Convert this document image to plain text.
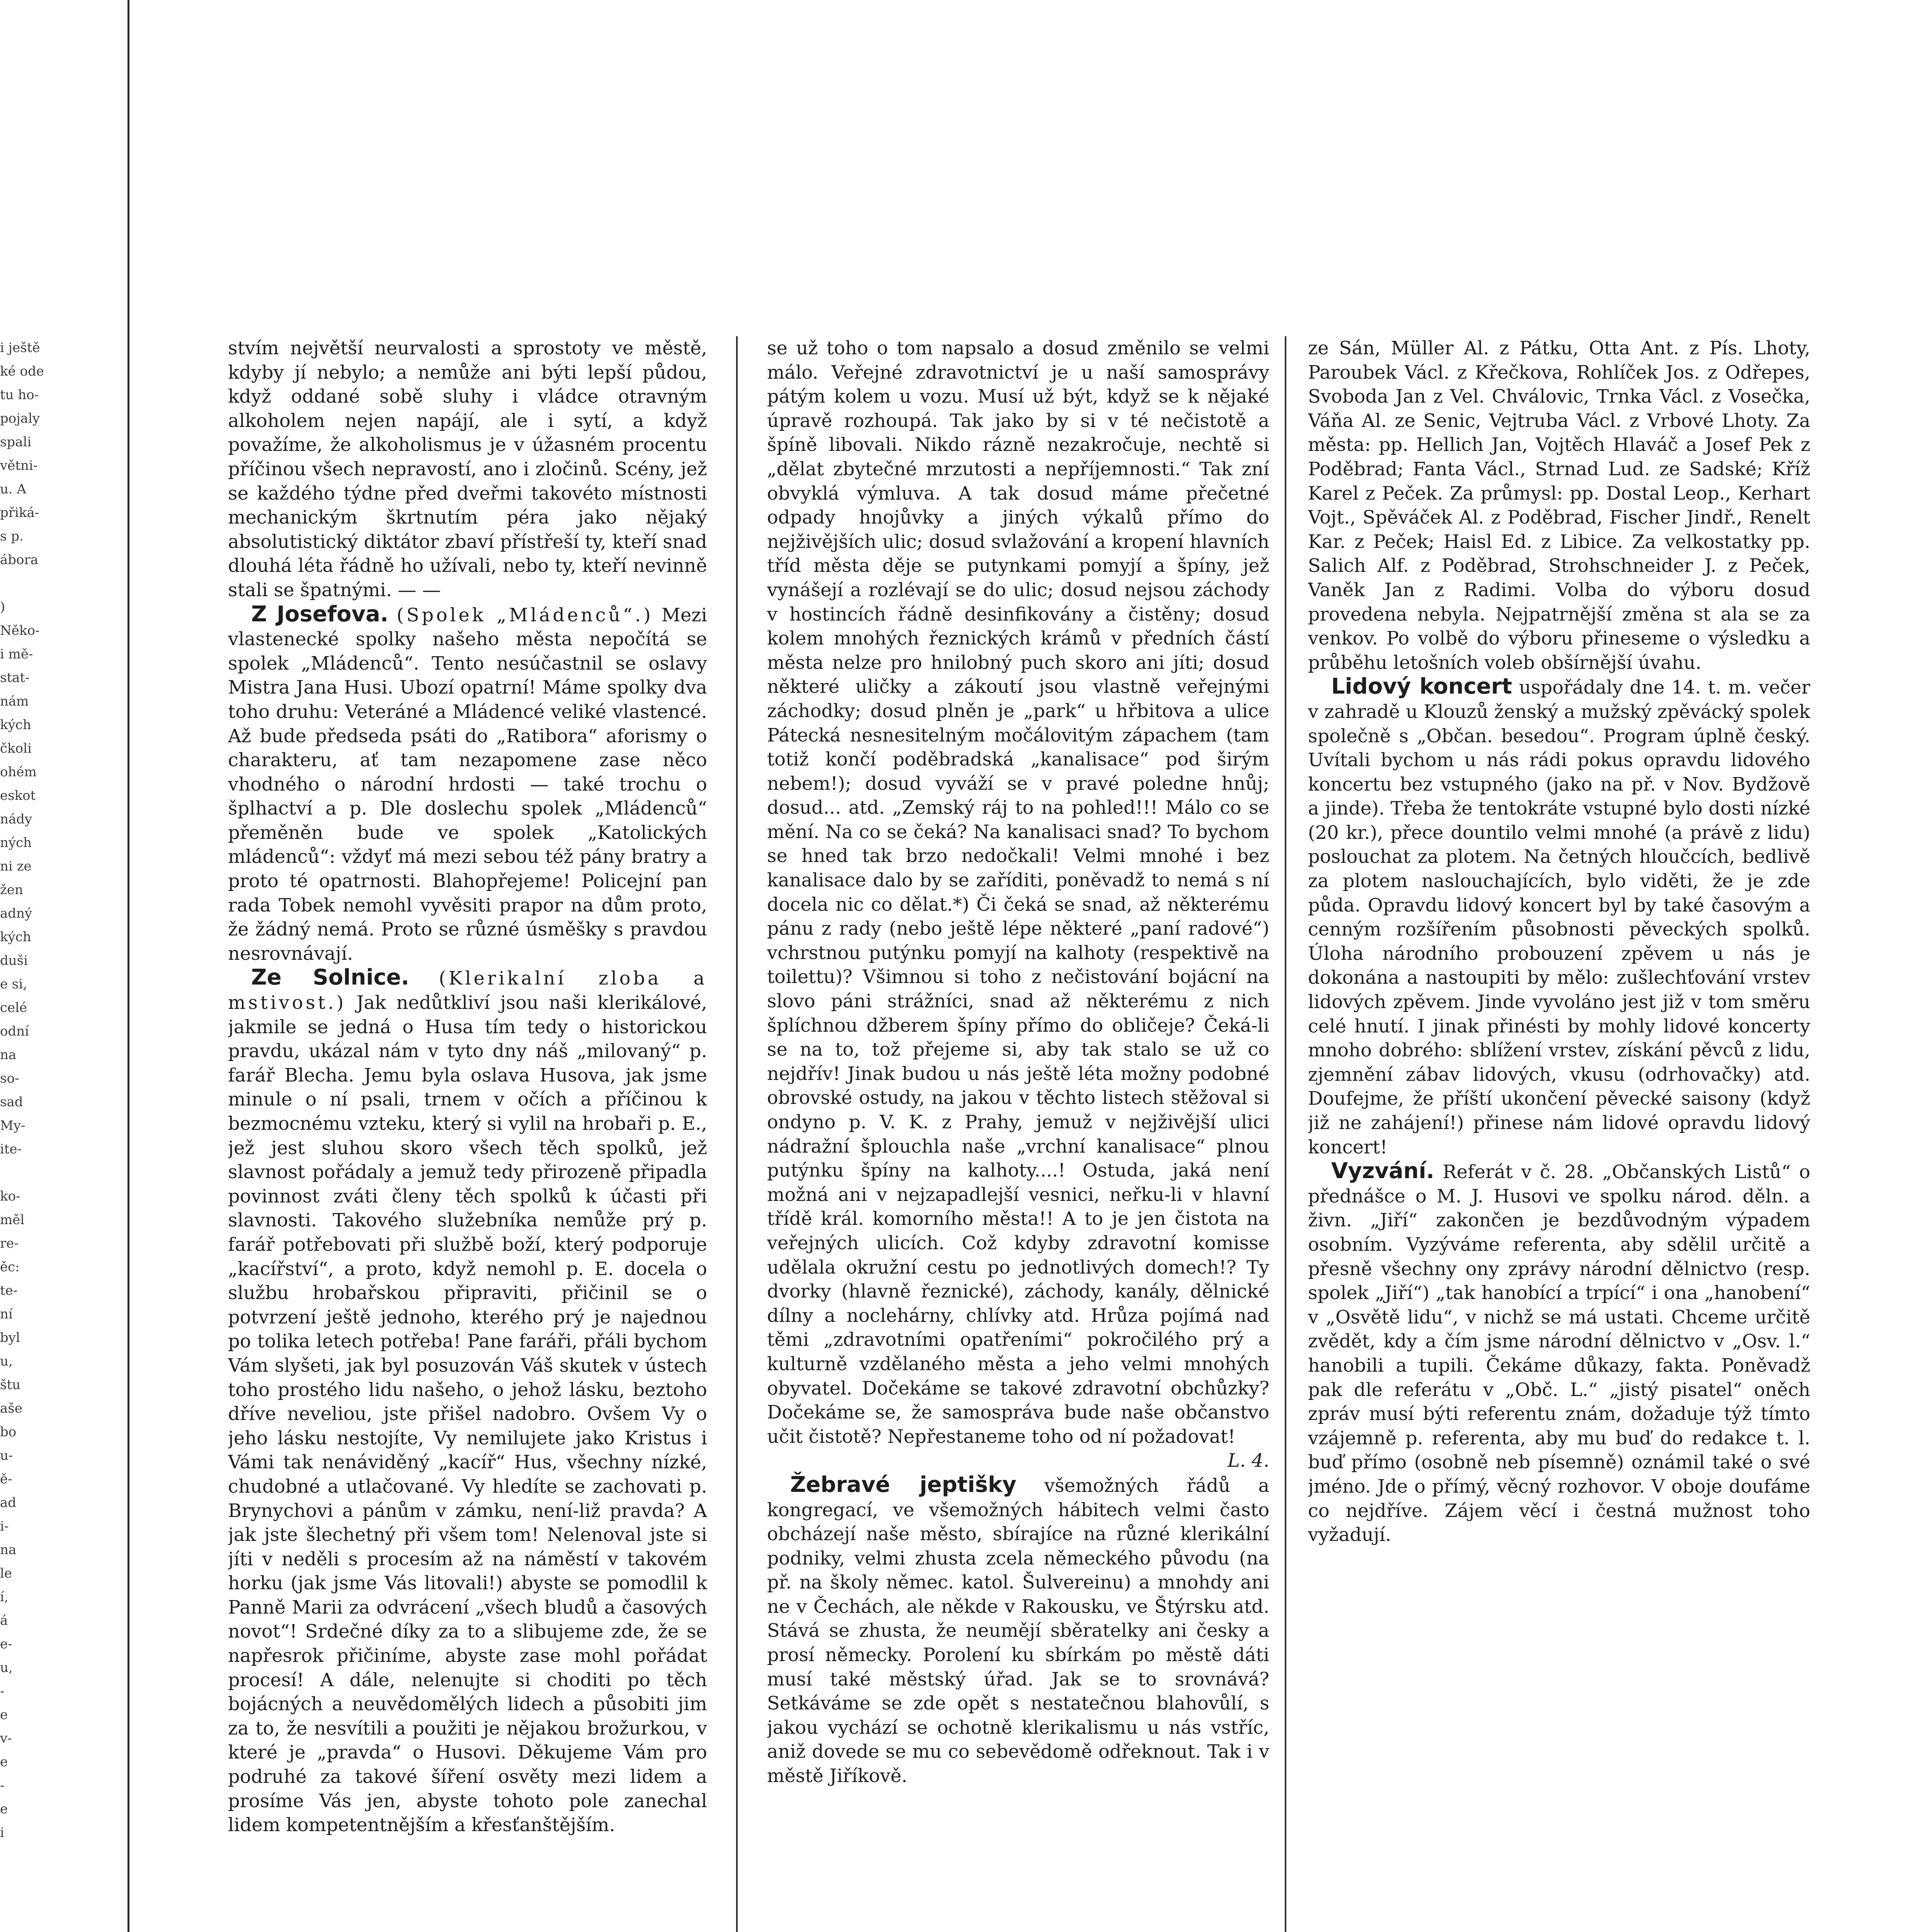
i ještě
ké ode
tu ho-
pojaly
spali
větni-
u. A
přiká-
s p.
ábora
)
Něko-
i mě-
stat-
nám
kých
čkoli
ohém
eskot
nády
ných
ni ze
žen
adný
kých
duši
e si,
celé
odní
na
so-
sad
My-
ite-
ko-
měl
re-
ěc:
te-
ní
byl
u,
štu
aše
bo
u-
ě-
ad
i-
na
le
í,
á
e-
u,
-
e
v-
e
-
e
i

stvím největší neurvalosti a sprostoty ve městě, kdyby jí nebylo; a nemůže ani býti lepší půdou, když oddané sobě sluhy i vládce otravným alkoholem nejen napájí, ale i sytí, a když považíme, že alkoholismus je v úžasném procentu příčinou všech nepravostí, ano i zločinů. Scény, jež se každého týdne před dveřmi takovéto místnosti mechanickým škrtnutím péra jako nějaký absolutistický diktátor zbaví přístřeší ty, kteří snad dlouhá léta řádně ho užívali, nebo ty, kteří nevinně stali se špatnými. — —

Z Josefova. (Spolek „Mládenců“.) Mezi vlastenecké spolky našeho města nepočítá se spolek „Mládenců“. Tento nesúčastnil se oslavy Mistra Jana Husi. Ubozí opatrní! Máme spolky dva toho druhu: Veteráné a Mládencé veliké vlastencé. Až bude předseda psáti do „Ratibora“ aforismy o charakteru, ať tam nezapomene zase něco vhodného o národní hrdosti — také trochu o šplhactví a p. Dle doslechu spolek „Mládenců“ přeměněn bude ve spolek „Katolických mládenců“: vždyť má mezi sebou též pány bratry a proto té opatrnosti. Blahopřejeme! Policejní pan rada Tobek nemohl vyvěsiti prapor na dům proto, že žádný nemá. Proto se různé úsměšky s pravdou nesrovnávají.

Ze Solnice. (Klerikalní zloba a mstivost.) Jak nedůtkliví jsou naši klerikálové, jakmile se jedná o Husa tím tedy o historickou pravdu, ukázal nám v tyto dny náš „milovaný“ p. farář Blecha. Jemu byla oslava Husova, jak jsme minule o ní psali, trnem v očích a příčinou k bezmocnému vzteku, který si vylil na hrobaři p. E., jež jest sluhou skoro všech těch spolků, jež slavnost pořádaly a jemuž tedy přirozeně připadla povinnost zváti členy těch spolků k účasti při slavnosti. Takového služebníka nemůže prý p. farář potřebovati při službě boží, který podporuje „kacířství“, a proto, když nemohl p. E. docela o službu hrobařskou připraviti, přičinil se o potvrzení ještě jednoho, kterého prý je najednou po tolika letech potřeba! Pane faráři, přáli bychom Vám slyšeti, jak byl posuzován Váš skutek v ústech toho prostého lidu našeho, o jehož lásku, beztoho dříve neveliou, jste přišel nadobro. Ovšem Vy o jeho lásku nestojíte, Vy nemilujete jako Kristus i Vámi tak nenáviděný „kacíř“ Hus, všechny nízké, chudobné a utlačované. Vy hledíte se zachovati p. Brynychovi a pánům v zámku, není-liž pravda? A jak jste šlechetný při všem tom! Nelenoval jste si jíti v neděli s procesím až na náměstí v takovém horku (jak jsme Vás litovali!) abyste se pomodlil k Panně Marii za odvrácení „všech bludů a časových novot“! Srdečné díky za to a slibujeme zde, že se napřesrok přičiníme, abyste zase mohl pořádat procesí! A dále, nelenujte si choditi po těch bojácných a neuvědomělých lidech a působiti jim za to, že nesvítili a použiti je nějakou brožurkou, v které je „pravda“ o Husovi. Děkujeme Vám pro podruhé za takové šíření osvěty mezi lidem a prosíme Vás jen, abyste tohoto pole zanechal lidem kompetentnějším a křesťanštějším.

se už toho o tom napsalo a dosud změnilo se velmi málo. Veřejné zdravotnictví je u naší samosprávy pátým kolem u vozu. Musí už být, když se k nějaké úpravě rozhoupá. Tak jako by si v té nečistotě a špíně libovali. Nikdo rázně nezakročuje, nechtě si „dělat zbytečné mrzutosti a nepříjemnosti.“ Tak zní obvyklá výmluva. A tak dosud máme přečetné odpady hnojůvky a jiných výkalů přímo do nejživějších ulic; dosud svlažování a kropení hlavních tříd města děje se putynkami pomyjí a špíny, jež vynášejí a rozlévají se do ulic; dosud nejsou záchody v hostincích řádně desinfikovány a čistěny; dosud kolem mnohých řeznických krámů v předních částí města nelze pro hnilobný puch skoro ani jíti; dosud některé uličky a zákoutí jsou vlastně veřejnými záchodky; dosud plněn je „park“ u hřbitova a ulice Pátecká nesnesitelným močálovitým zápachem (tam totiž končí poděbradská „kanalisace“ pod širým nebem!); dosud vyváží se v pravé poledne hnůj; dosud... atd. „Zemský ráj to na pohled!!! Málo co se mění. Na co se čeká? Na kanalisaci snad? To bychom se hned tak brzo nedočkali! Velmi mnohé i bez kanalisace dalo by se zaříditi, poněvadž to nemá s ní docela nic co dělat.*) Či čeká se snad, až některému pánu z rady (nebo ještě lépe některé „paní radové“) vchrstnou putýnku pomyjí na kalhoty (respektivě na toilettu)? Všimnou si toho z nečistování bojácní na slovo páni strážníci, snad až některému z nich šplíchnou džberem špíny přímo do obličeje? Čeká-li se na to, tož přejeme si, aby tak stalo se už co nejdřív! Jinak budou u nás ještě léta možny podobné obrovské ostudy, na jakou v těchto listech stěžoval si ondyno p. V. K. z Prahy, jemuž v nejživější ulici nádražní šplouchla naše „vrchní kanalisace“ plnou putýnku špíny na kalhoty....! Ostuda, jaká není možná ani v nejzapadlejší vesnici, neřku-li v hlavní třídě král. komorního města!! A to je jen čistota na veřejných ulicích. Což kdyby zdravotní komisse udělala okružní cestu po jednotlivých domech!? Ty dvorky (hlavně řeznické), záchody, kanály, dělnické dílny a noclehárny, chlívky atd. Hrůza pojímá nad těmi „zdravotními opatřeními“ pokročilého prý a kulturně vzdělaného města a jeho velmi mnohých obyvatel. Dočekáme se takové zdravotní obchůzky? Dočekáme se, že samospráva bude naše občanstvo učit čistotě? Nepřestaneme toho od ní požadovat!

L. 4.

Žebravé jeptišky všemožných řádů a kongregací, ve všemožných hábitech velmi často obcházejí naše město, sbírajíce na různé klerikální podniky, velmi zhusta zcela německého původu (na př. na školy němec. katol. Šulvereinu) a mnohdy ani ne v Čechách, ale někde v Rakousku, ve Štýrsku atd. Stává se zhusta, že neumějí sběratelky ani česky a prosí německy. Porolení ku sbírkám po městě dáti musí také městský úřad. Jak se to srovnává? Setkáváme se zde opět s nestatečnou blahovůlí, s jakou vychází se ochotně klerikalismu u nás vstříc, aniž dovede se mu co sebevědomě odřeknout. Tak i v městě Jiříkově.

ze Sán, Müller Al. z Pátku, Otta Ant. z Pís. Lhoty, Paroubek Václ. z Křečkova, Rohlíček Jos. z Odřepes, Svoboda Jan z Vel. Chválovic, Trnka Václ. z Vosečka, Váňa Al. ze Senic, Vejtruba Václ. z Vrbové Lhoty. Za města: pp. Hellich Jan, Vojtěch Hlaváč a Josef Pek z Poděbrad; Fanta Václ., Strnad Lud. ze Sadské; Kříž Karel z Peček. Za průmysl: pp. Dostal Leop., Kerhart Vojt., Spěváček Al. z Poděbrad, Fischer Jindř., Renelt Kar. z Peček; Haisl Ed. z Libice. Za velkostatky pp. Salich Alf. z Poděbrad, Strohschneider J. z Peček, Vaněk Jan z Radimi. Volba do výboru dosud provedena nebyla. Nejpatrnější změna st ala se za venkov. Po volbě do výboru přineseme o výsledku a průběhu letošních voleb obšírnější úvahu.

Lidový koncert uspořádaly dne 14. t. m. večer v zahradě u Klouzů ženský a mužský zpěvácký spolek společně s „Občan. besedou“. Program úplně český. Uvítali bychom u nás rádi pokus opravdu lidového koncertu bez vstupného (jako na př. v Nov. Bydžově a jinde). Třeba že tentokráte vstupné bylo dosti nízké (20 kr.), přece dountilo velmi mnohé (a právě z lidu) poslouchat za plotem. Na četných hloučcích, bedlivě za plotem naslouchajících, bylo viděti, že je zde půda. Opravdu lidový koncert byl by také časovým a cenným rozšířením působnosti pěveckých spolků. Úloha národního probouzení zpěvem u nás je dokonána a nastoupiti by mělo: zušlechťování vrstev lidových zpěvem. Jinde vyvoláno jest již v tom směru celé hnutí. I jinak přinésti by mohly lidové koncerty mnoho dobrého: sblížení vrstev, získání pěvců z lidu, zjemnění zábav lidových, vkusu (odrhovačky) atd. Doufejme, že příští ukončení pěvecké saisony (když již ne zahájení!) přinese nám lidové opravdu lidový koncert!

Vyzvání. Referát v č. 28. „Občanských Listů“ o přednášce o M. J. Husovi ve spolku národ. děln. a živn. „Jiří“ zakončen je bezdůvodným výpadem osobním. Vyzýváme referenta, aby sdělil určitě a přesně všechny ony zprávy národní dělnictvo (resp. spolek „Jiří“) „tak hanobící a trpící“ i ona „hanobení“ v „Osvětě lidu“, v nichž se má ustati. Chceme určitě zvědět, kdy a čím jsme národní dělnictvo v „Osv. l.“ hanobili a tupili. Čekáme důkazy, fakta. Poněvadž pak dle referátu v „Obč. L.“ „jistý pisatel“ oněch zpráv musí býti referentu znám, dožaduje týž tímto vzájemně p. referenta, aby mu buď do redakce t. l. buď přímo (osobně neb písemně) oznámil také o své jméno. Jde o přímý, věcný rozhovor. V oboje doufáme co nejdříve. Zájem věcí i čestná mužnost toho vyžadují.
